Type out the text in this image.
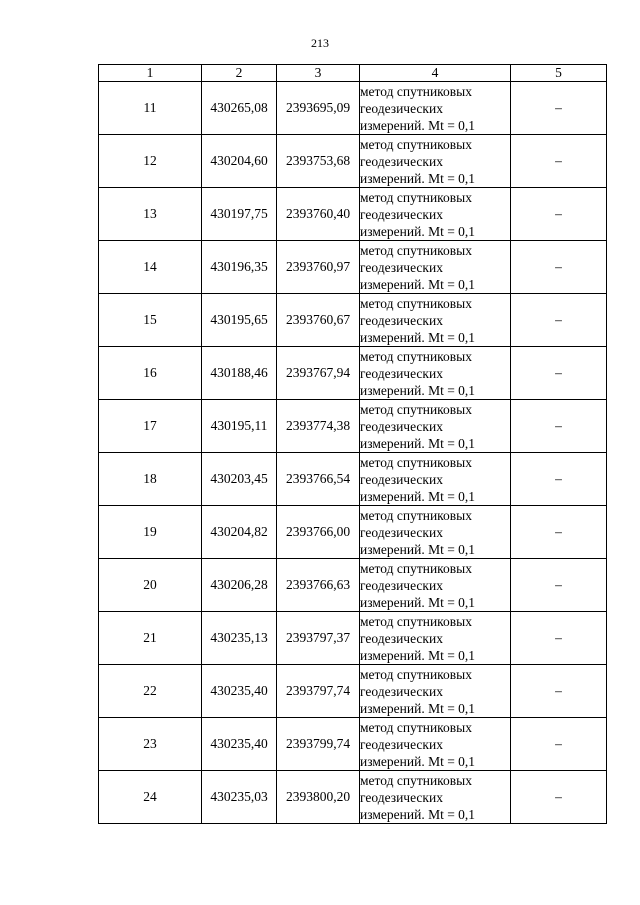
213
1	2	3	4	5
11	430265,08	2393695,09	метод спутниковых
геодезических
измерений. Mt = 0,1	–
12	430204,60	2393753,68	метод спутниковых
геодезических
измерений. Mt = 0,1	–
13	430197,75	2393760,40	метод спутниковых
геодезических
измерений. Mt = 0,1	–
14	430196,35	2393760,97	метод спутниковых
геодезических
измерений. Mt = 0,1	–
15	430195,65	2393760,67	метод спутниковых
геодезических
измерений. Mt = 0,1	–
16	430188,46	2393767,94	метод спутниковых
геодезических
измерений. Mt = 0,1	–
17	430195,11	2393774,38	метод спутниковых
геодезических
измерений. Mt = 0,1	–
18	430203,45	2393766,54	метод спутниковых
геодезических
измерений. Mt = 0,1	–
19	430204,82	2393766,00	метод спутниковых
геодезических
измерений. Mt = 0,1	–
20	430206,28	2393766,63	метод спутниковых
геодезических
измерений. Mt = 0,1	–
21	430235,13	2393797,37	метод спутниковых
геодезических
измерений. Mt = 0,1	–
22	430235,40	2393797,74	метод спутниковых
геодезических
измерений. Mt = 0,1	–
23	430235,40	2393799,74	метод спутниковых
геодезических
измерений. Mt = 0,1	–
24	430235,03	2393800,20	метод спутниковых
геодезических
измерений. Mt = 0,1	–
